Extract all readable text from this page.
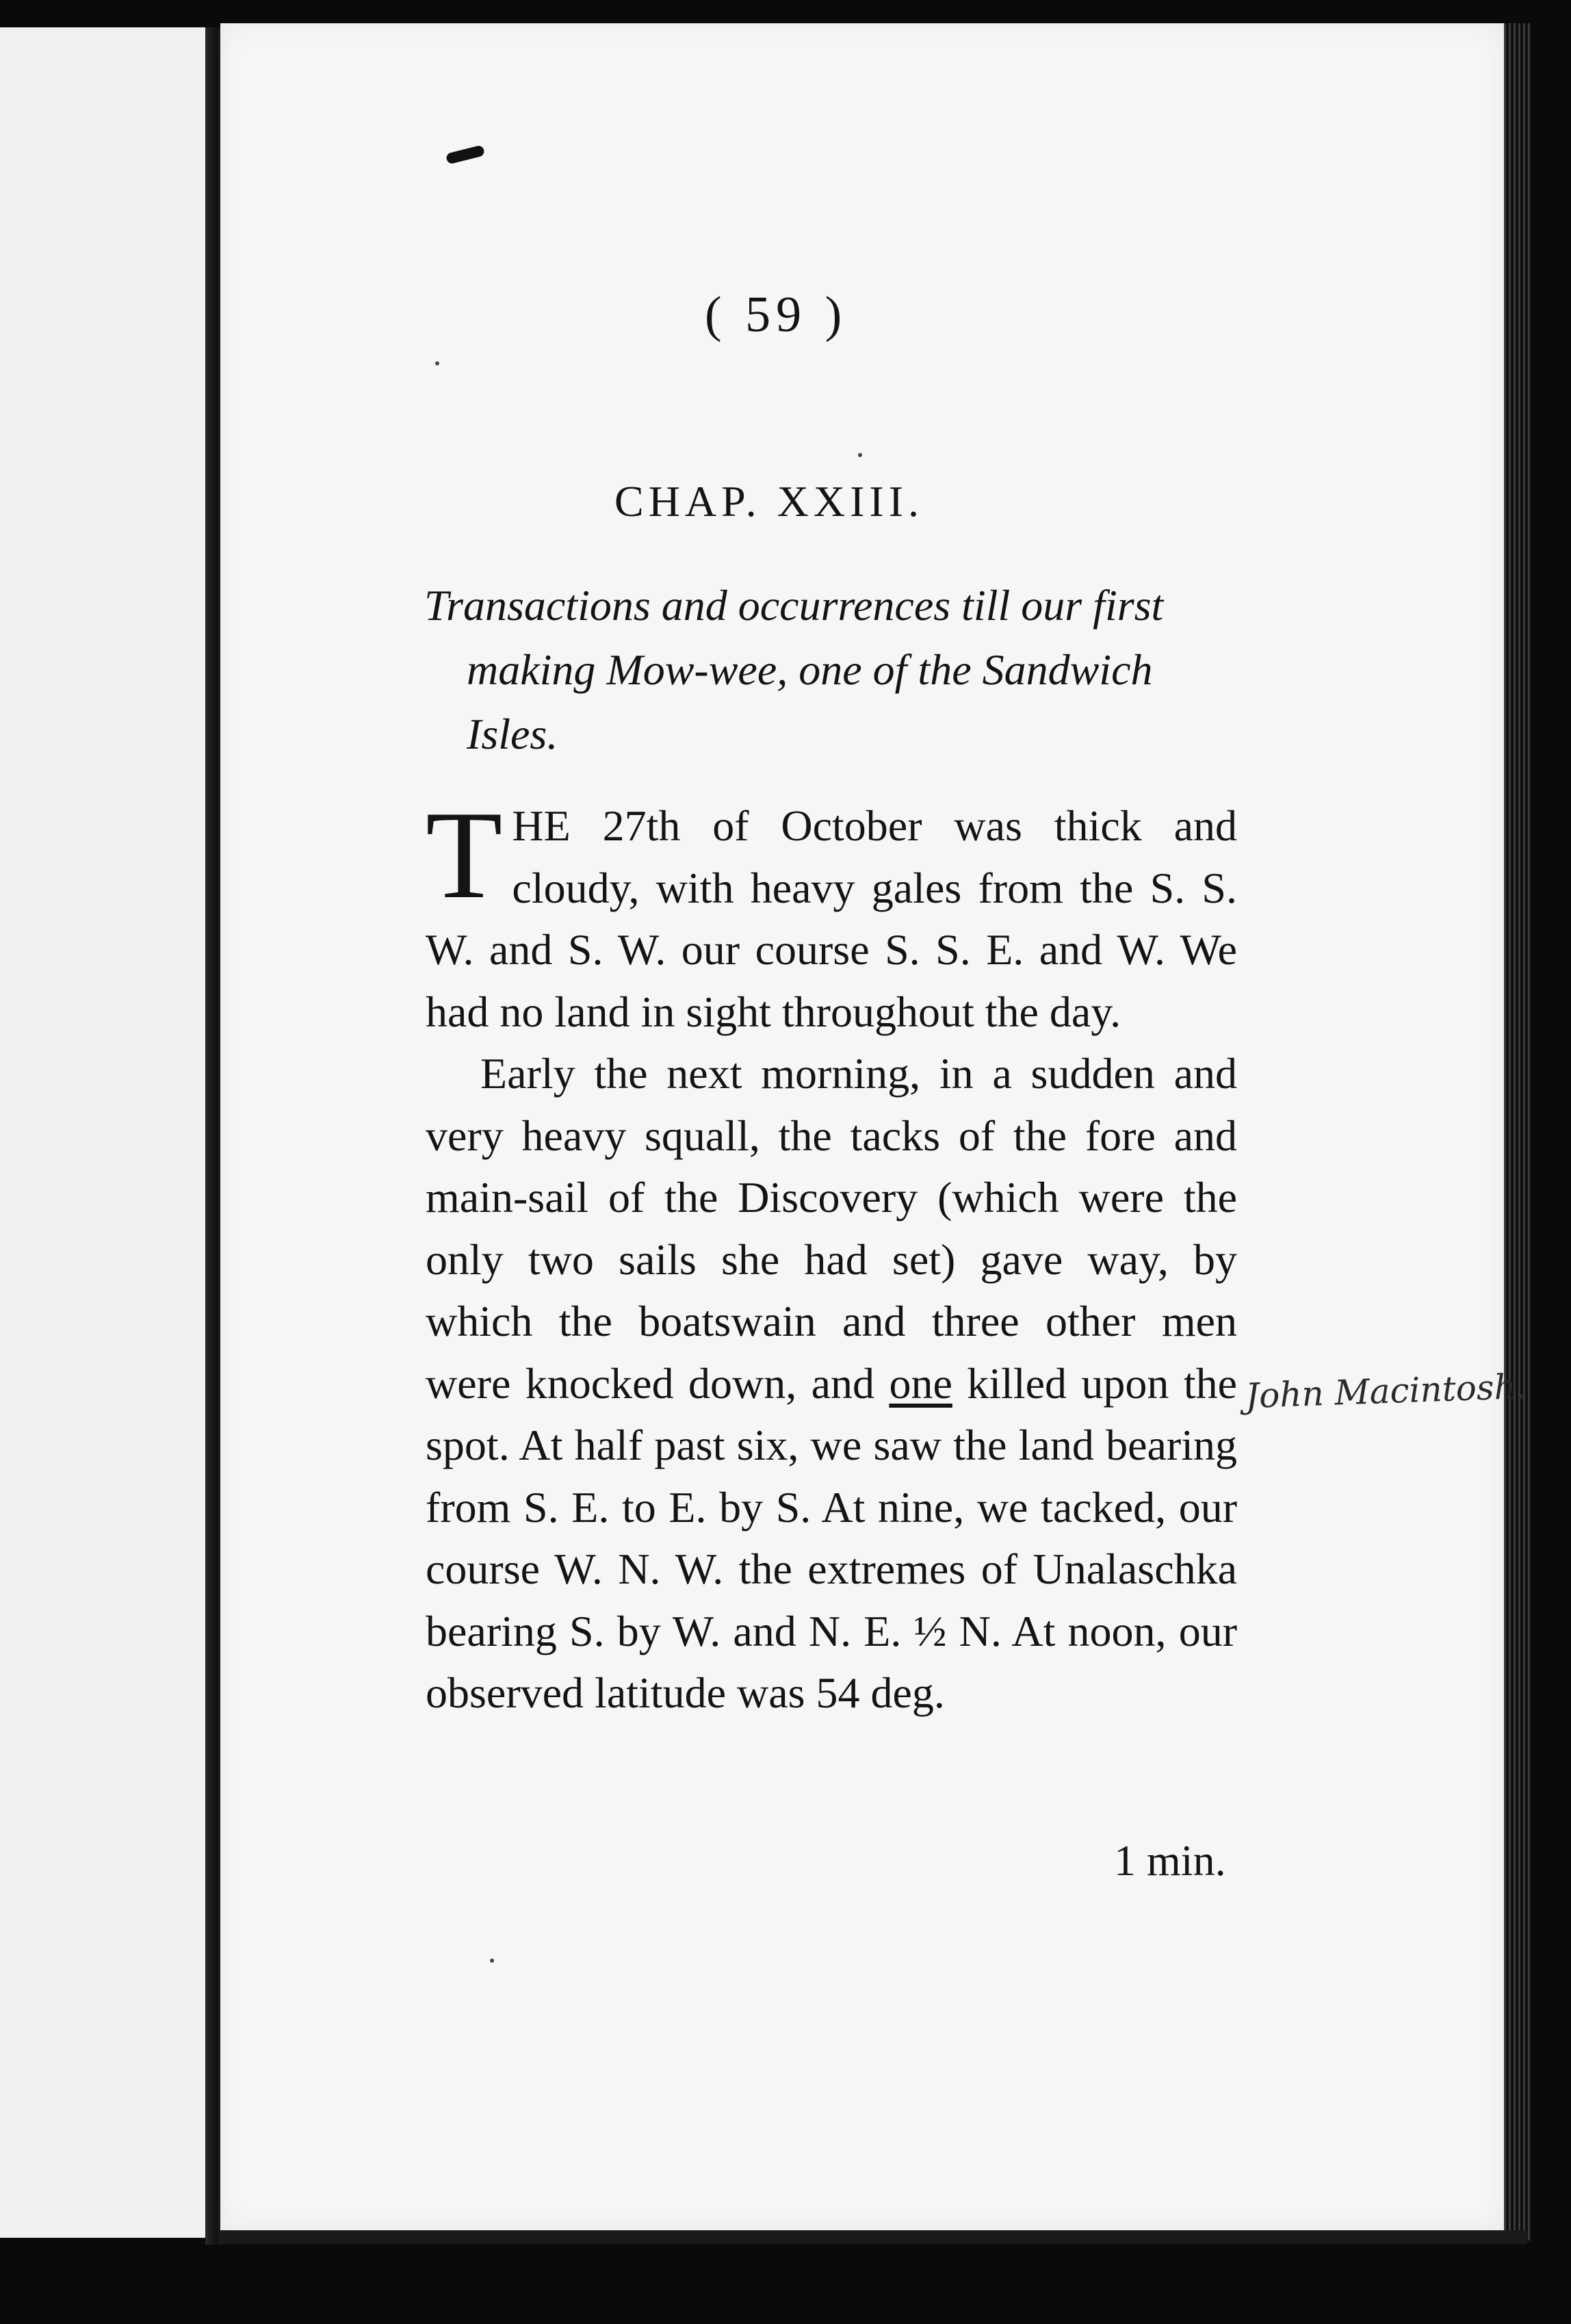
( 59 )
CHAP. XXIII.
Transactions and occurrences till our first making Mow-wee, one of the Sandwich Isles.

THE 27th of October was thick and cloudy, with heavy gales from the S. S. W. and S. W. our course S. S. E. and W. We had no land in sight throughout the day.

Early the next morning, in a sudden and very heavy squall, the tacks of the fore and main-sail of the Discovery (which were the only two sails she had set) gave way, by which the boatswain and three other men were knocked down, and one killed upon the spot. At half past six, we saw the land bearing from S. E. to E. by S. At nine, we tacked, our course W. N. W. the extremes of Unalaschka bearing S. by W. and N. E. ½ N. At noon, our observed latitude was 54 deg.

1 min.
John Macintosh.
